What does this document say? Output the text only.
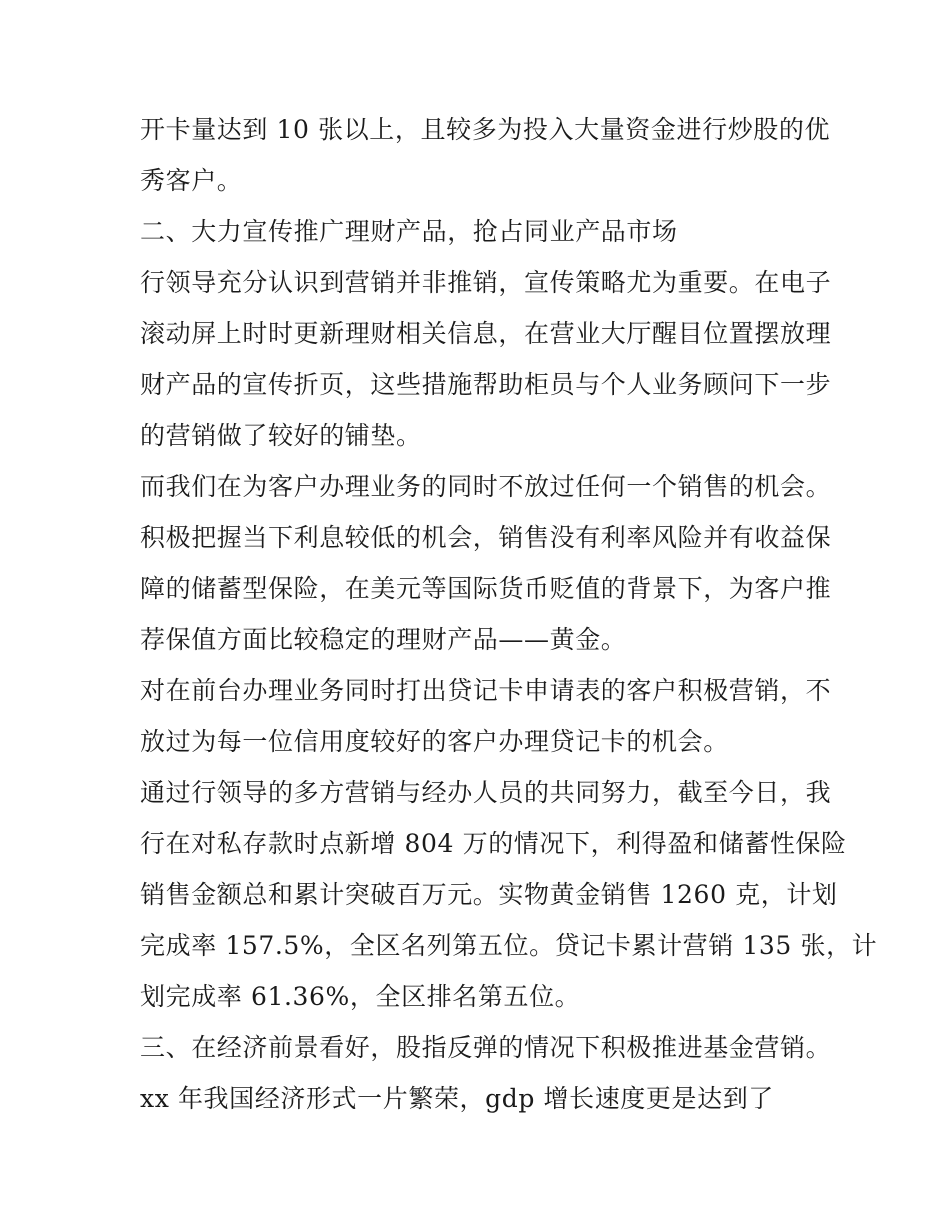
开卡量达到 10 张以上，且较多为投入大量资金进行炒股的优
秀客户。
二、大力宣传推广理财产品，抢占同业产品市场
行领导充分认识到营销并非推销，宣传策略尤为重要。在电子
滚动屏上时时更新理财相关信息，在营业大厅醒目位置摆放理
财产品的宣传折页，这些措施帮助柜员与个人业务顾问下一步
的营销做了较好的铺垫。
而我们在为客户办理业务的同时不放过任何一个销售的机会。
积极把握当下利息较低的机会，销售没有利率风险并有收益保
障的储蓄型保险，在美元等国际货币贬值的背景下，为客户推
荐保值方面比较稳定的理财产品——黄金。
对在前台办理业务同时打出贷记卡申请表的客户积极营销，不
放过为每一位信用度较好的客户办理贷记卡的机会。
通过行领导的多方营销与经办人员的共同努力，截至今日，我
行在对私存款时点新增 804 万的情况下，利得盈和储蓄性保险
销售金额总和累计突破百万元。实物黄金销售 1260 克，计划
完成率 157.5%，全区名列第五位。贷记卡累计营销 135 张，计
划完成率 61.36%，全区排名第五位。
三、在经济前景看好，股指反弹的情况下积极推进基金营销。
xx 年我国经济形式一片繁荣，gdp 增长速度更是达到了
